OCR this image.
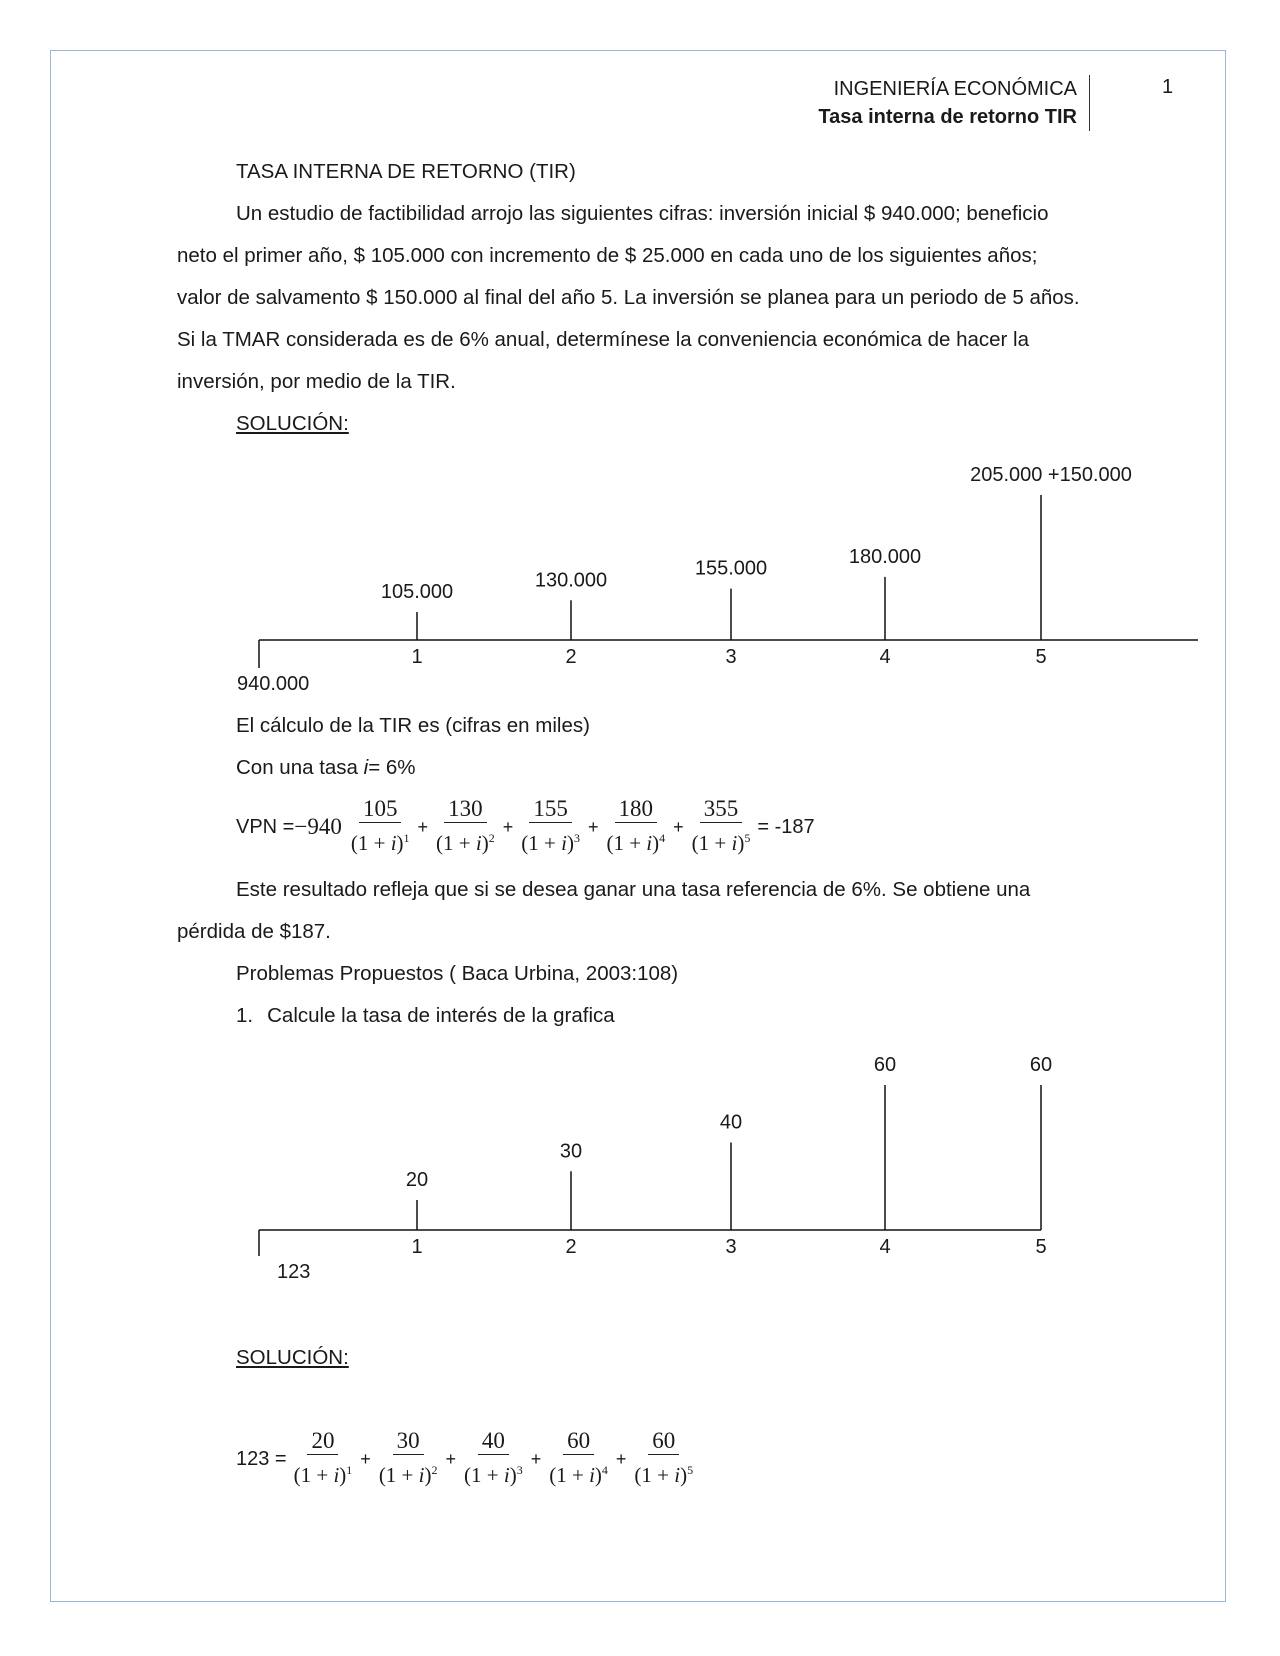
INGENIERÍA ECONÓMICA
Tasa interna de retorno TIR
1

TASA INTERNA DE RETORNO (TIR)

Un estudio de factibilidad arrojo las siguientes cifras: inversión inicial $ 940.000; beneficio

neto el primer año, $ 105.000 con incremento de $ 25.000 en cada uno de los siguientes años;

valor de salvamento $ 150.000 al final del año 5. La inversión se planea para un periodo de 5 años.

Si la TMAR considerada es de 6% anual, determínese la conveniencia económica de hacer la

inversión, por medio de la TIR.

SOLUCIÓN:

940.000
105.000
130.000
155.000
180.000
205.000 +150.000
1	2	3	4	5

El cálculo de la TIR es (cifras en miles)

Con una tasa i= 6%

VPN = $-940 \frac{105}{(1 + i)^1} + \frac{130}{(1 + i)^2} + \frac{155}{(1 + i)^3} + \frac{180}{(1 + i)^4} + \frac{355}{(1 + i)^5} = -187$

Este resultado refleja que si se desea ganar una tasa referencia de 6%. Se obtiene una

pérdida de $187.

Problemas Propuestos ( Baca Urbina, 2003:108)

1. Calcule la tasa de interés de la grafica

123
20
30
40
60	60
1	2	3	4	5

SOLUCIÓN:

$123 = \frac{20}{(1 + i)^1} + \frac{30}{(1 + i)^2} + \frac{40}{(1 + i)^3} + \frac{60}{(1 + i)^4} + \frac{60}{(1 + i)^5}$
